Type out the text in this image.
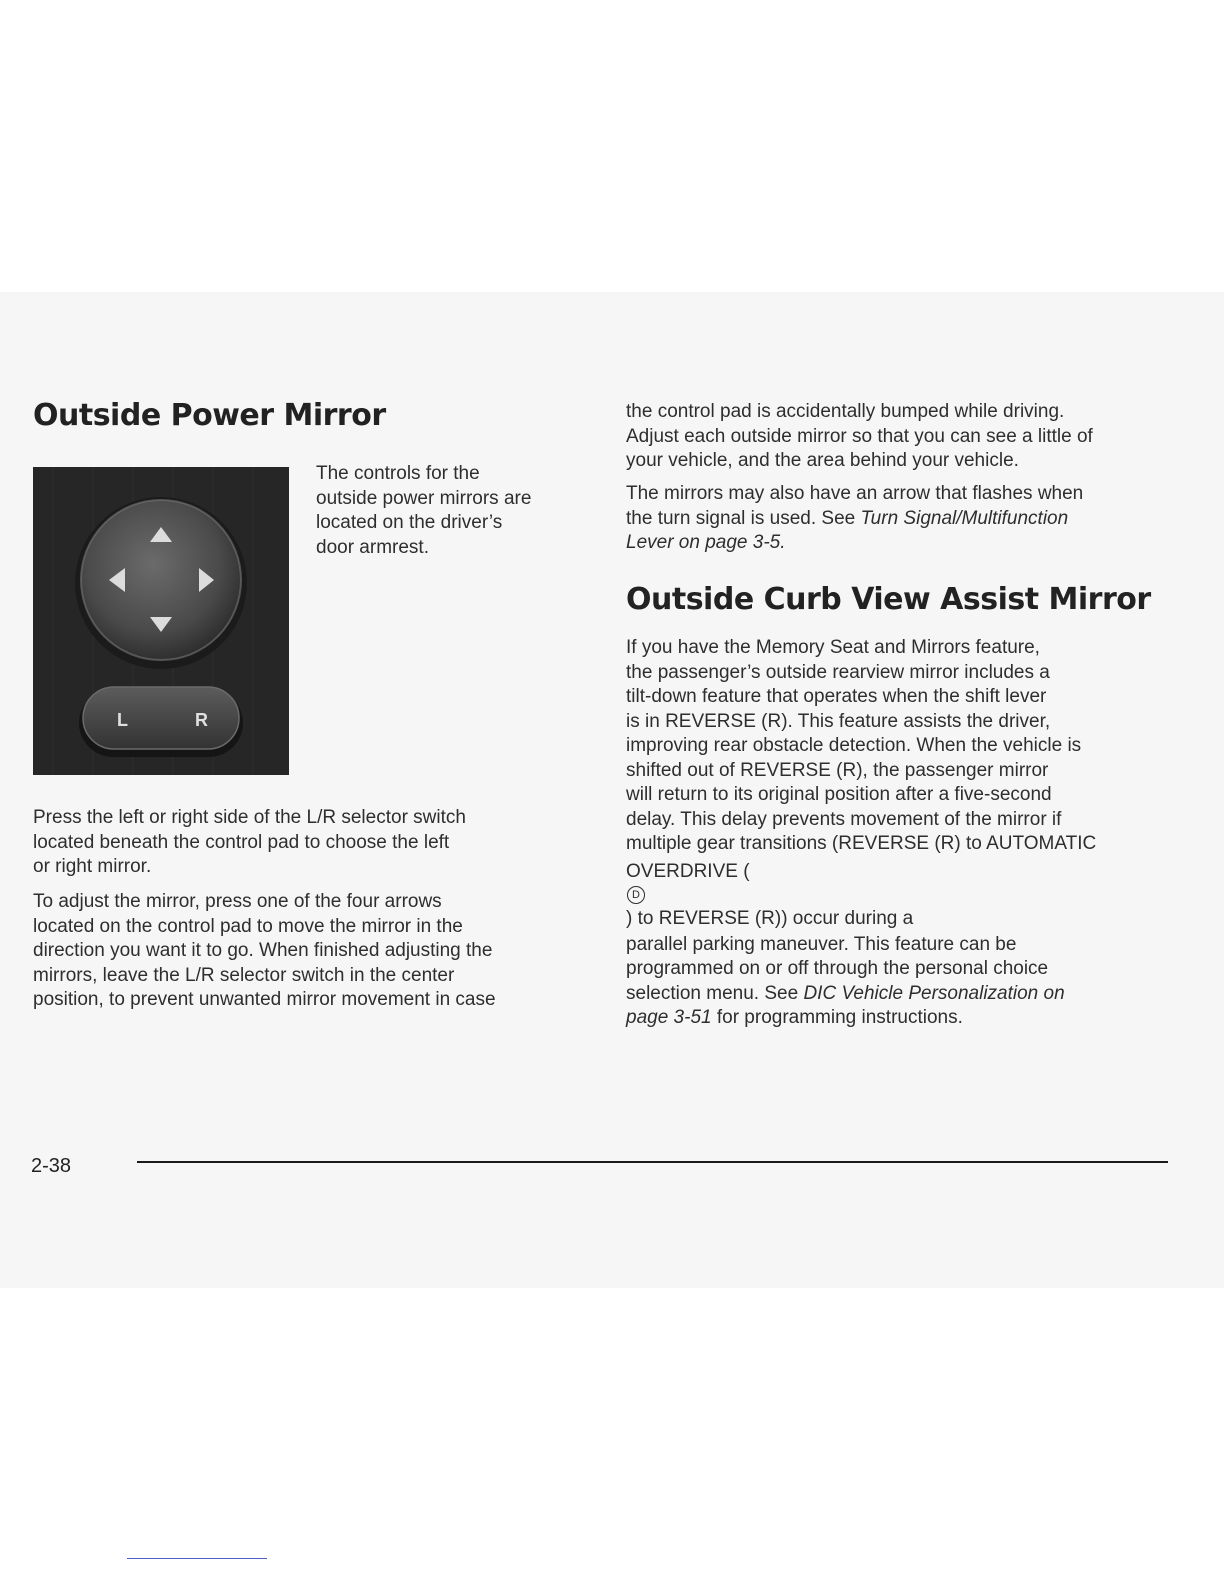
Outside Power Mirror
L	R
The controls for the
outside power mirrors are
located on the driver’s
door armrest.
Press the left or right side of the L/R selector switch
located beneath the control pad to choose the left
or right mirror.
To adjust the mirror, press one of the four arrows
located on the control pad to move the mirror in the
direction you want it to go. When finished adjusting the
mirrors, leave the L/R selector switch in the center
position, to prevent unwanted mirror movement in case
the control pad is accidentally bumped while driving.
Adjust each outside mirror so that you can see a little of
your vehicle, and the area behind your vehicle.
The mirrors may also have an arrow that flashes when
the turn signal is used. See Turn Signal/Multifunction
Lever on page 3-5.
Outside Curb View Assist Mirror
If you have the Memory Seat and Mirrors feature,
the passenger’s outside rearview mirror includes a
tilt-down feature that operates when the shift lever
is in REVERSE (R). This feature assists the driver,
improving rear obstacle detection. When the vehicle is
shifted out of REVERSE (R), the passenger mirror
will return to its original position after a five-second
delay. This delay prevents movement of the mirror if
multiple gear transitions (REVERSE (R) to AUTOMATIC
OVERDRIVE (
D
) to REVERSE (R)) occur during a
parallel parking maneuver. This feature can be
programmed on or off through the personal choice
selection menu. See DIC Vehicle Personalization on
page 3-51 for programming instructions.
2-38
